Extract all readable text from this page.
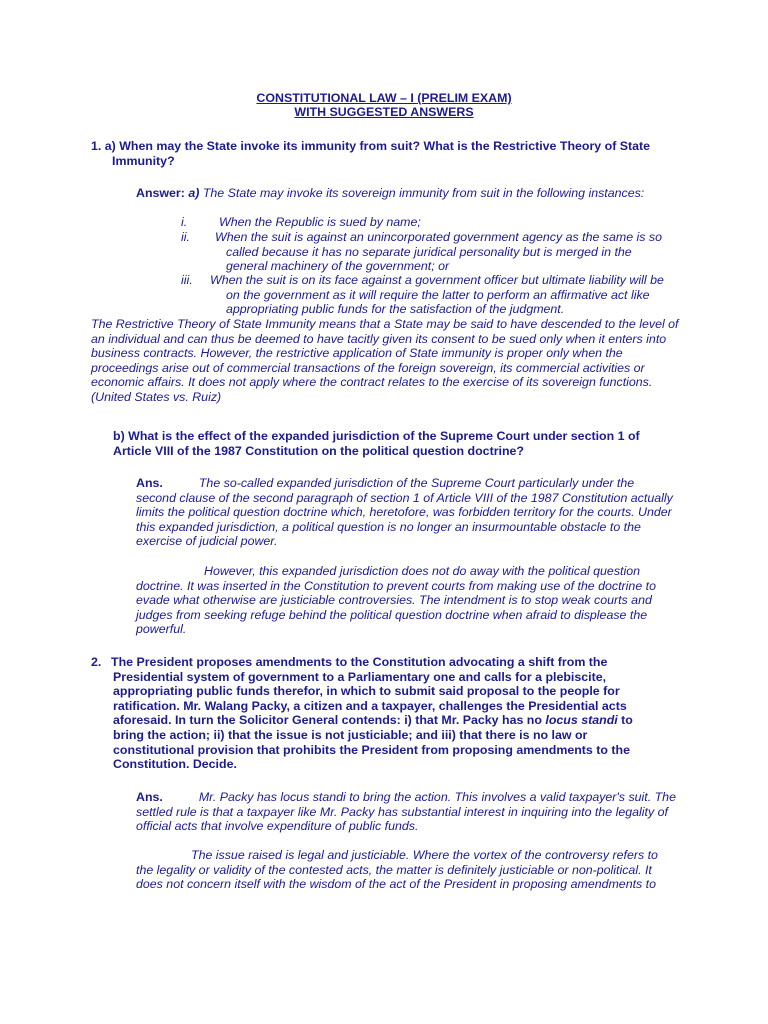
CONSTITUTIONAL LAW – I (PRELIM EXAM)
WITH SUGGESTED ANSWERS
1. a) When may the State invoke its immunity from suit? What is the Restrictive Theory of State Immunity?
Answer: a) The State may invoke its sovereign immunity from suit in the following instances:
i.	When the Republic is sued by name;
ii. When the suit is against an unincorporated government agency as the same is so called because it has no separate juridical personality but is merged in the general machinery of the government; or
iii. When the suit is on its face against a government officer but ultimate liability will be on the government as it will require the latter to perform an affirmative act like appropriating public funds for the satisfaction of the judgment.
The Restrictive Theory of State Immunity means that a State may be said to have descended to the level of an individual and can thus be deemed to have tacitly given its consent to be sued only when it enters into business contracts. However, the restrictive application of State immunity is proper only when the proceedings arise out of commercial transactions of the foreign sovereign, its commercial activities or economic affairs. It does not apply where the contract relates to the exercise of its sovereign functions. (United States vs. Ruiz)
b) What is the effect of the expanded jurisdiction of the Supreme Court under section 1 of Article VIII of the 1987 Constitution on the political question doctrine?
Ans.	The so-called expanded jurisdiction of the Supreme Court particularly under the second clause of the second paragraph of section 1 of Article VIII of the 1987 Constitution actually limits the political question doctrine which, heretofore, was forbidden territory for the courts. Under this expanded jurisdiction, a political question is no longer an insurmountable obstacle to the exercise of judicial power.
However, this expanded jurisdiction does not do away with the political question doctrine. It was inserted in the Constitution to prevent courts from making use of the doctrine to evade what otherwise are justiciable controversies. The intendment is to stop weak courts and judges from seeking refuge behind the political question doctrine when afraid to displease the powerful.
2. The President proposes amendments to the Constitution advocating a shift from the Presidential system of government to a Parliamentary one and calls for a plebiscite, appropriating public funds therefor, in which to submit said proposal to the people for ratification. Mr. Walang Packy, a citizen and a taxpayer, challenges the Presidential acts aforesaid. In turn the Solicitor General contends: i) that Mr. Packy has no locus standi to bring the action; ii) that the issue is not justiciable; and iii) that there is no law or constitutional provision that prohibits the President from proposing amendments to the Constitution. Decide.
Ans.	Mr. Packy has locus standi to bring the action. This involves a valid taxpayer's suit. The settled rule is that a taxpayer like Mr. Packy has substantial interest in inquiring into the legality of official acts that involve expenditure of public funds.
The issue raised is legal and justiciable. Where the vortex of the controversy refers to the legality or validity of the contested acts, the matter is definitely justiciable or non-political. It does not concern itself with the wisdom of the act of the President in proposing amendments to
